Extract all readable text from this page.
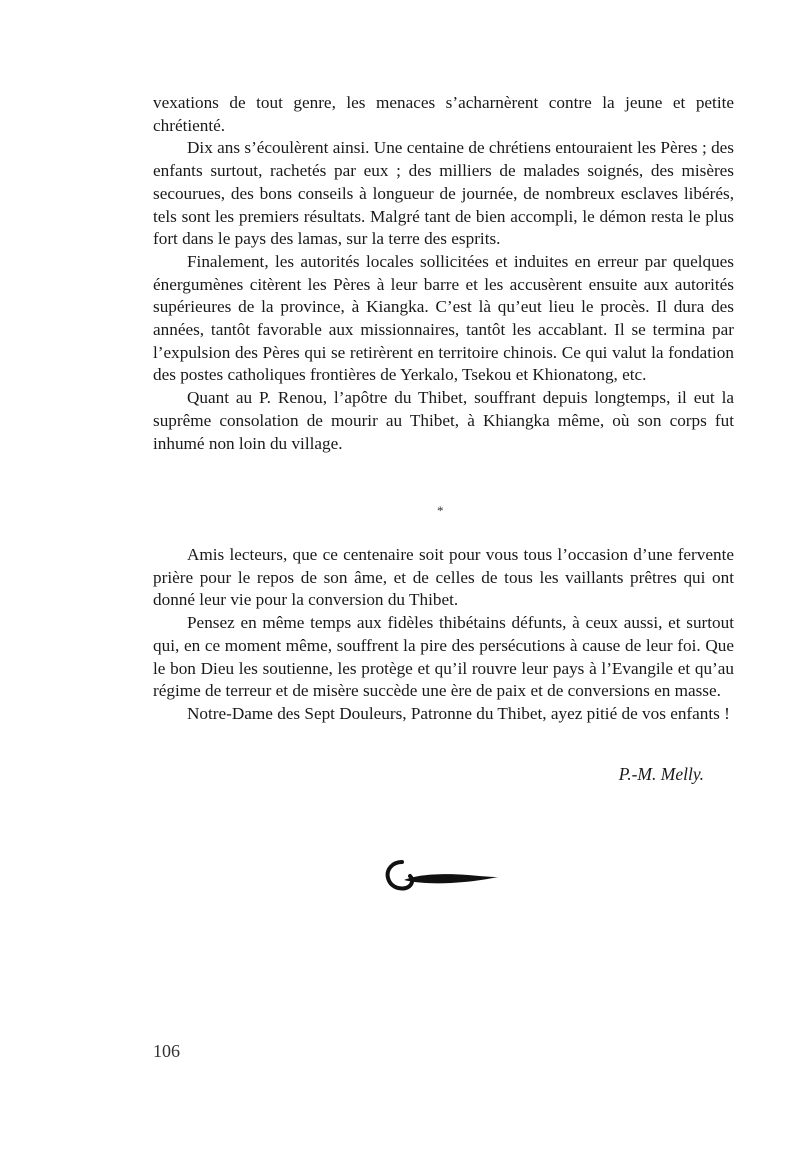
vexations de tout genre, les menaces s’acharnèrent contre la jeune et petite chrétienté.

Dix ans s’écoulèrent ainsi. Une centaine de chrétiens entouraient les Pères ; des enfants surtout, rachetés par eux ; des milliers de malades soignés, des misères secourues, des bons conseils à longueur de journée, de nombreux esclaves libérés, tels sont les premiers résultats. Malgré tant de bien accompli, le démon resta le plus fort dans le pays des lamas, sur la terre des esprits.

Finalement, les autorités locales sollicitées et induites en erreur par quelques énergumènes citèrent les Pères à leur barre et les accusèrent ensuite aux autorités supérieures de la province, à Kiangka. C’est là qu’eut lieu le procès. Il dura des années, tantôt favorable aux missionnaires, tantôt les accablant. Il se termina par l’expulsion des Pères qui se retirèrent en territoire chinois. Ce qui valut la fondation des postes catholiques frontières de Yerkalo, Tsekou et Khionatong, etc.

Quant au P. Renou, l’apôtre du Thibet, souffrant depuis longtemps, il eut la suprême consolation de mourir au Thibet, à Khiangka même, où son corps fut inhumé non loin du village.

*

Amis lecteurs, que ce centenaire soit pour vous tous l’occasion d’une fervente prière pour le repos de son âme, et de celles de tous les vaillants prêtres qui ont donné leur vie pour la conversion du Thibet.

Pensez en même temps aux fidèles thibétains défunts, à ceux aussi, et surtout qui, en ce moment même, souffrent la pire des persécutions à cause de leur foi. Que le bon Dieu les soutienne, les protège et qu’il rouvre leur pays à l’Evangile et qu’au régime de terreur et de misère succède une ère de paix et de conversions en masse.

Notre-Dame des Sept Douleurs, Patronne du Thibet, ayez pitié de vos enfants !

P.-M. Melly.
106
